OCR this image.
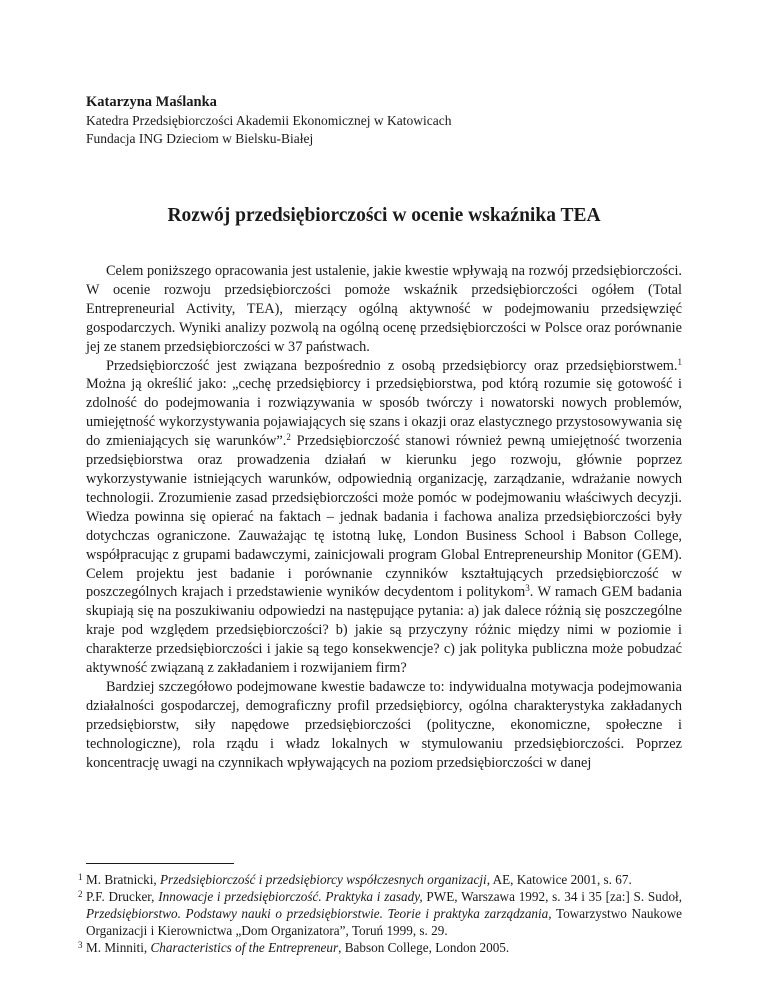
Katarzyna Maślanka
Katedra Przedsiębiorczości Akademii Ekonomicznej w Katowicach
Fundacja ING Dzieciom w Bielsku-Białej
Rozwój przedsiębiorczości w ocenie wskaźnika TEA

Celem poniższego opracowania jest ustalenie, jakie kwestie wpływają na rozwój przedsiębiorczości. W ocenie rozwoju przedsiębiorczości pomoże wskaźnik przedsiębiorczości ogółem (Total Entrepreneurial Activity, TEA), mierzący ogólną aktywność w podejmowaniu przedsięwzięć gospodarczych. Wyniki analizy pozwolą na ogólną ocenę przedsiębiorczości w Polsce oraz porównanie jej ze stanem przedsiębiorczości w 37 państwach.

Przedsiębiorczość jest związana bezpośrednio z osobą przedsiębiorcy oraz przedsiębiorstwem.$^1$ Można ją określić jako: „cechę przedsiębiorcy i przedsiębiorstwa, pod którą rozumie się gotowość i zdolność do podejmowania i rozwiązywania w sposób twórczy i nowatorski nowych problemów, umiejętność wykorzystywania pojawiających się szans i okazji oraz elastycznego przystosowywania się do zmieniających się warunków”.$^2$ Przedsiębiorczość stanowi również pewną umiejętność tworzenia przedsiębiorstwa oraz prowadzenia działań w kierunku jego rozwoju, głównie poprzez wykorzystywanie istniejących warunków, odpowiednią organizację, zarządzanie, wdrażanie nowych technologii. Zrozumienie zasad przedsiębiorczości może pomóc w podejmowaniu właściwych decyzji. Wiedza powinna się opierać na faktach – jednak badania i fachowa analiza przedsiębiorczości były dotychczas ograniczone. Zauważając tę istotną lukę, London Business School i Babson College, współpracując z grupami badawczymi, zainicjowali program Global Entrepreneurship Monitor (GEM). Celem projektu jest badanie i porównanie czynników kształtujących przedsiębiorczość w poszczególnych krajach i przedstawienie wyników decydentom i politykom$^3$. W ramach GEM badania skupiają się na poszukiwaniu odpowiedzi na następujące pytania: a) jak dalece różnią się poszczególne kraje pod względem przedsiębiorczości? b) jakie są przyczyny różnic między nimi w poziomie i charakterze przedsiębiorczości i jakie są tego konsekwencje? c) jak polityka publiczna może pobudzać aktywność związaną z zakładaniem i rozwijaniem firm?

Bardziej szczegółowo podejmowane kwestie badawcze to: indywidualna motywacja podejmowania działalności gospodarczej, demograficzny profil przedsiębiorcy, ogólna charakterystyka zakładanych przedsiębiorstw, siły napędowe przedsiębiorczości (polityczne, ekonomiczne, społeczne i technologiczne), rola rządu i władz lokalnych w stymulowaniu przedsiębiorczości. Poprzez koncentrację uwagi na czynnikach wpływających na poziom przedsiębiorczości w danej

1 M. Bratnicki, Przedsiębiorczość i przedsiębiorcy współczesnych organizacji, AE, Katowice 2001, s. 67.

2 P.F. Drucker, Innowacje i przedsiębiorczość. Praktyka i zasady, PWE, Warszawa 1992, s. 34 i 35 [za:] S. Sudoł, Przedsiębiorstwo. Podstawy nauki o przedsiębiorstwie. Teorie i praktyka zarządzania, Towarzystwo Naukowe Organizacji i Kierownictwa „Dom Organizatora”, Toruń 1999, s. 29.

3 M. Minniti, Characteristics of the Entrepreneur, Babson College, London 2005.
